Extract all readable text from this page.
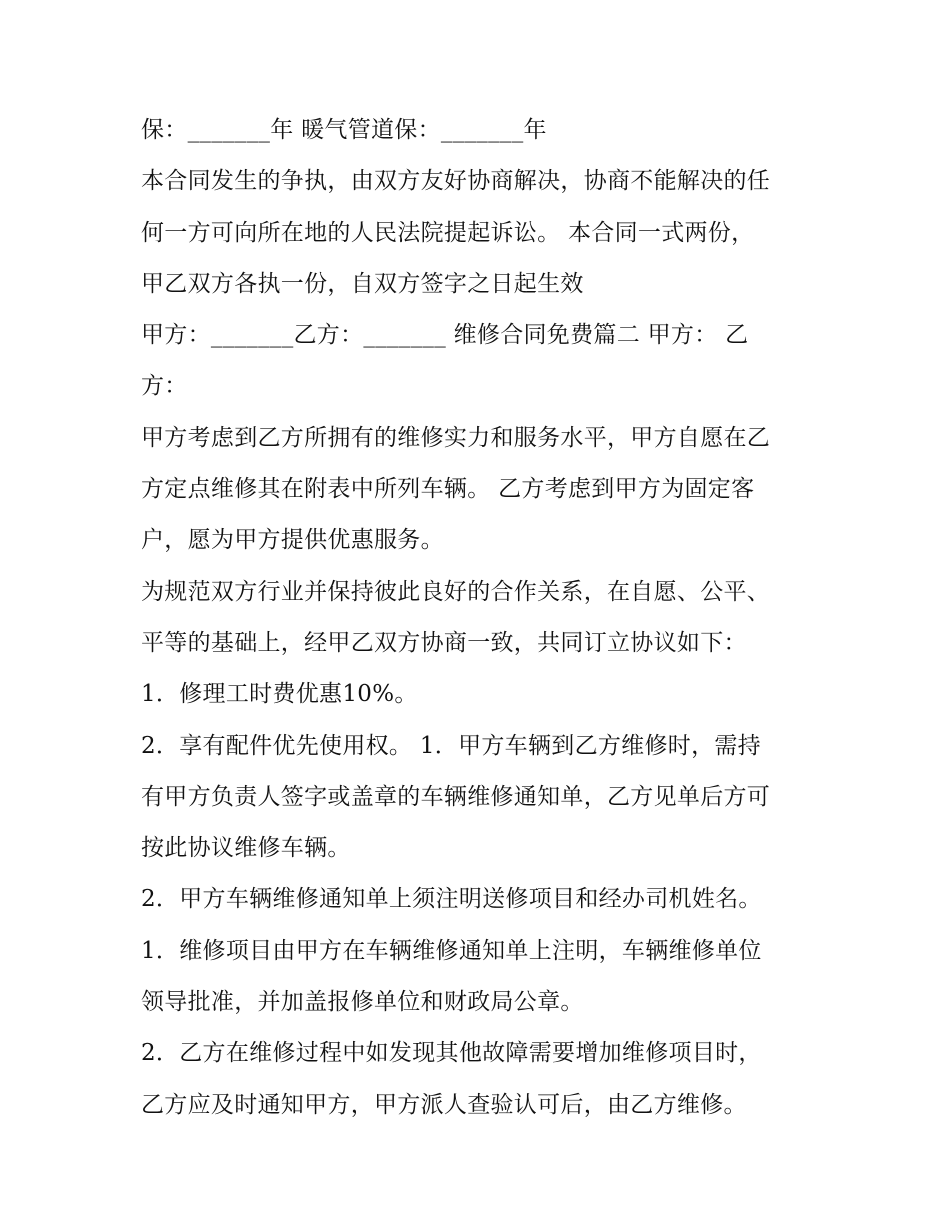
保：_______年 暖气管道保：_______年
本合同发生的争执，由双方友好协商解决，协商不能解决的任
何一方可向所在地的人民法院提起诉讼。 本合同一式两份，
甲乙双方各执一份，自双方签字之日起生效
甲方：_______乙方：_______ 维修合同免费篇二 甲方： 乙
方：
甲方考虑到乙方所拥有的维修实力和服务水平，甲方自愿在乙
方定点维修其在附表中所列车辆。 乙方考虑到甲方为固定客
户，愿为甲方提供优惠服务。
为规范双方行业并保持彼此良好的合作关系，在自愿、公平、
平等的基础上，经甲乙双方协商一致，共同订立协议如下：
1．修理工时费优惠10%。
2．享有配件优先使用权。 1．甲方车辆到乙方维修时，需持
有甲方负责人签字或盖章的车辆维修通知单，乙方见单后方可
按此协议维修车辆。
2．甲方车辆维修通知单上须注明送修项目和经办司机姓名。
1．维修项目由甲方在车辆维修通知单上注明，车辆维修单位
领导批准，并加盖报修单位和财政局公章。
2．乙方在维修过程中如发现其他故障需要增加维修项目时，
乙方应及时通知甲方，甲方派人查验认可后，由乙方维修。
